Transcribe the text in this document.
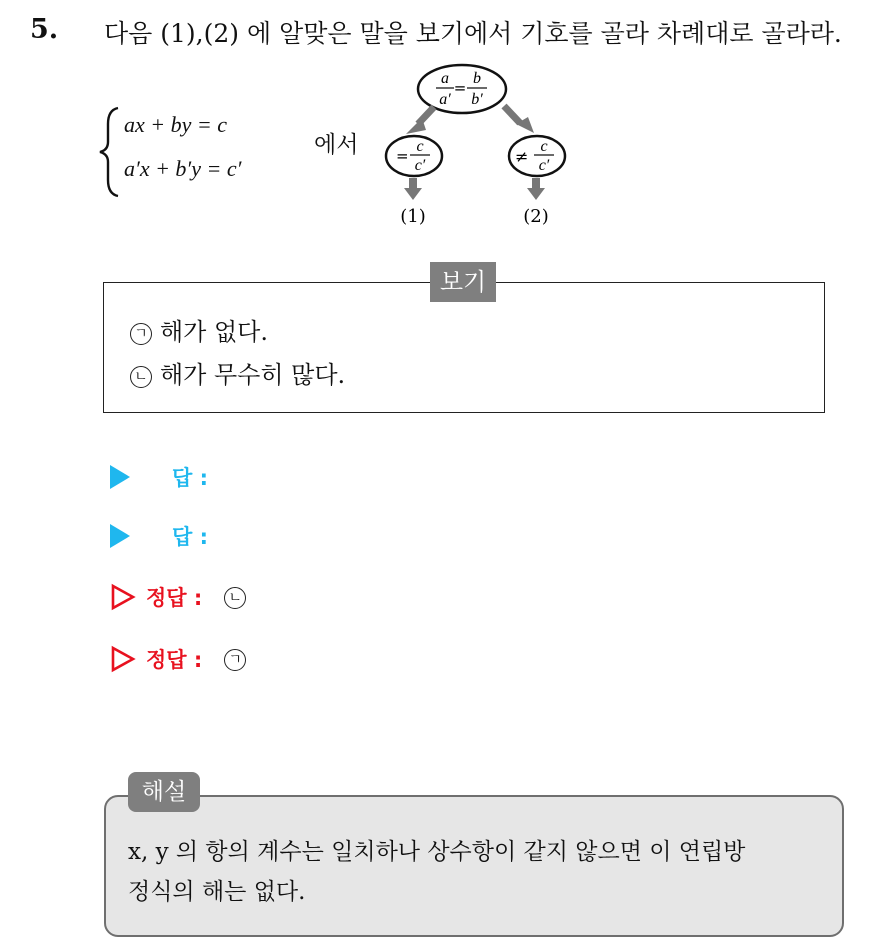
5. 다음 (1),(2) 에 알맞은 말을 보기에서 기호를 골라 차례대로 골라라.
ax + by = c
a′x + b′y = c′
에서
a
a′
=
b
b′
=
c
c′	≠
c
c′
(1)	(2)
보기
ㄱ 해가 없다.
ㄴ 해가 무수히 많다.
답 :
답 :
정답 : ㄴ
정답 : ㄱ
해설
x, y 의 항의 계수는 일치하나 상수항이 같지 않으면 이 연립방
정식의 해는 없다.
